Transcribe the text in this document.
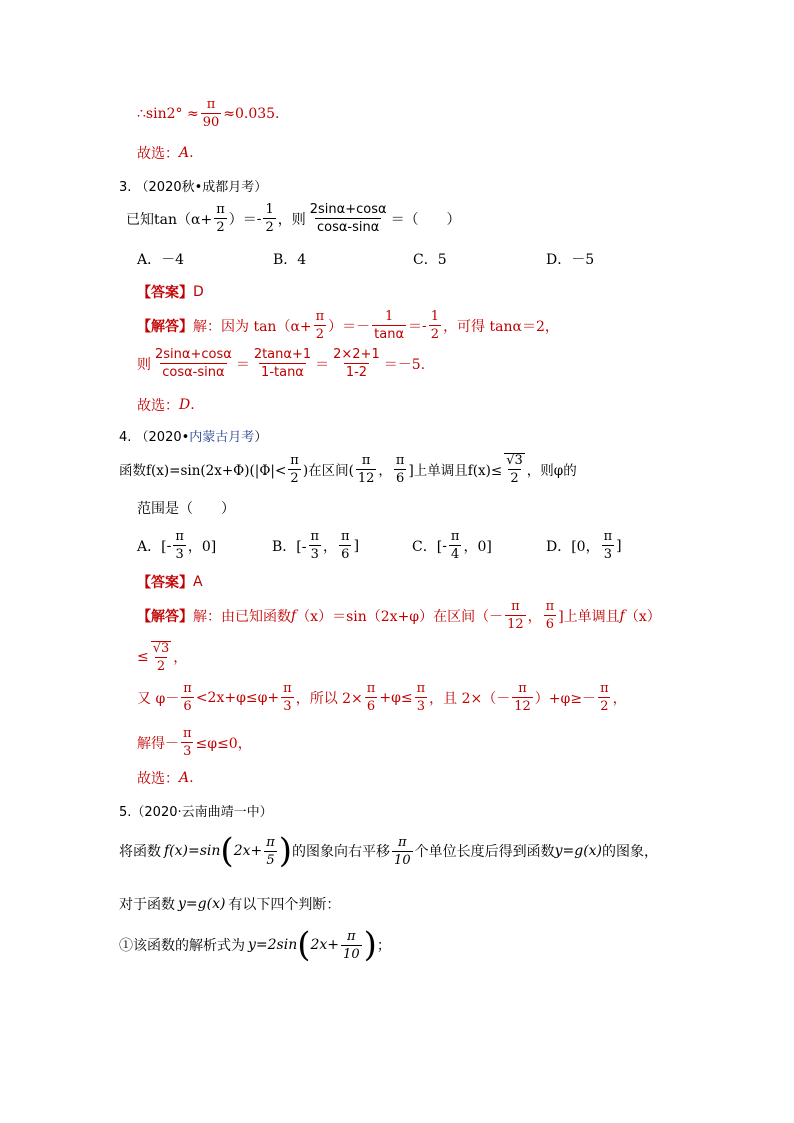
∴sin2° ≈ $\frac{\pi}{90} \approx 0.035$.
故选： A .
3. （2020秋•成都月考）
已知$\tan(\alpha+ \frac{\pi}{2}$ ）＝ - $\frac{1}{2}$ ，则 $\frac{2\sin\alpha+\cos\alpha}{\cos\alpha-\sin\alpha}$ ＝（　　）
A．－4	B．4	C．5	D．－5
【答案】 D
【解答】 解：因为 $\tan(\alpha+ \frac{\pi}{2}$ ）＝－ $\frac{1}{\tan\alpha}$ ＝ - $\frac{1}{2}$ ，可得 tanα＝2，
则 $\frac{2\sin\alpha+\cos\alpha}{\cos\alpha-\sin\alpha} = \frac{2\tan\alpha+1}{1-\tan\alpha} = \frac{2\times 2+1}{1-2} =-5$.
故选： D .
4. （2020• 内蒙古月考 ）
函数$f(x)=\sin(2x+\Phi)(|\Phi|< \frac{\pi}{2}$ )在区间( $\frac{\pi}{12}$ ， $\frac{\pi}{6}$ ]上单调且$f(x)\le \frac{√3}{2}$ ，则φ的
范围是（　　）
A．[ - $\frac{\pi}{3}$ ，0]	B．[- $\frac{\pi}{3}$ ， $\frac{\pi}{6}$ ]	C．[ - $\frac{\pi}{4}$ ，0]	D．[0， $\frac{\pi}{3}$ ]
【答案】 A
【解答】 解：由已知函数 f （x）＝sin（2x+φ）在区间（－ $\frac{\pi}{12}$ ， $\frac{\pi}{6}$ ]上单调且 f （x）
≤ $\frac{√3}{2}$ ，
又 $\varphi- \frac{\pi}{6} <2x+\varphi\le\varphi+ \frac{\pi}{3}$ ，所以 $2\times \frac{\pi}{6} +\varphi\le \frac{\pi}{3}$ ，且 $2\times(- \frac{\pi}{12} )+\varphi\ge- \frac{\pi}{2}$ ，
解得－ $\frac{\pi}{3} \le\varphi\le 0$，
故选： A .
5.（2020·云南曲靖一中）
将函数 f(x)=sin ( $2x+ \frac{\pi}{5}$ ) 的图象向右平移 $\frac{\pi}{10}$ 个单位长度后得到函数 y=g(x) 的图象，
对于函数 y=g(x) 有以下四个判断：
①该函数的解析式为 y=2sin ( $2x+ \frac{\pi}{10}$ ) ；
